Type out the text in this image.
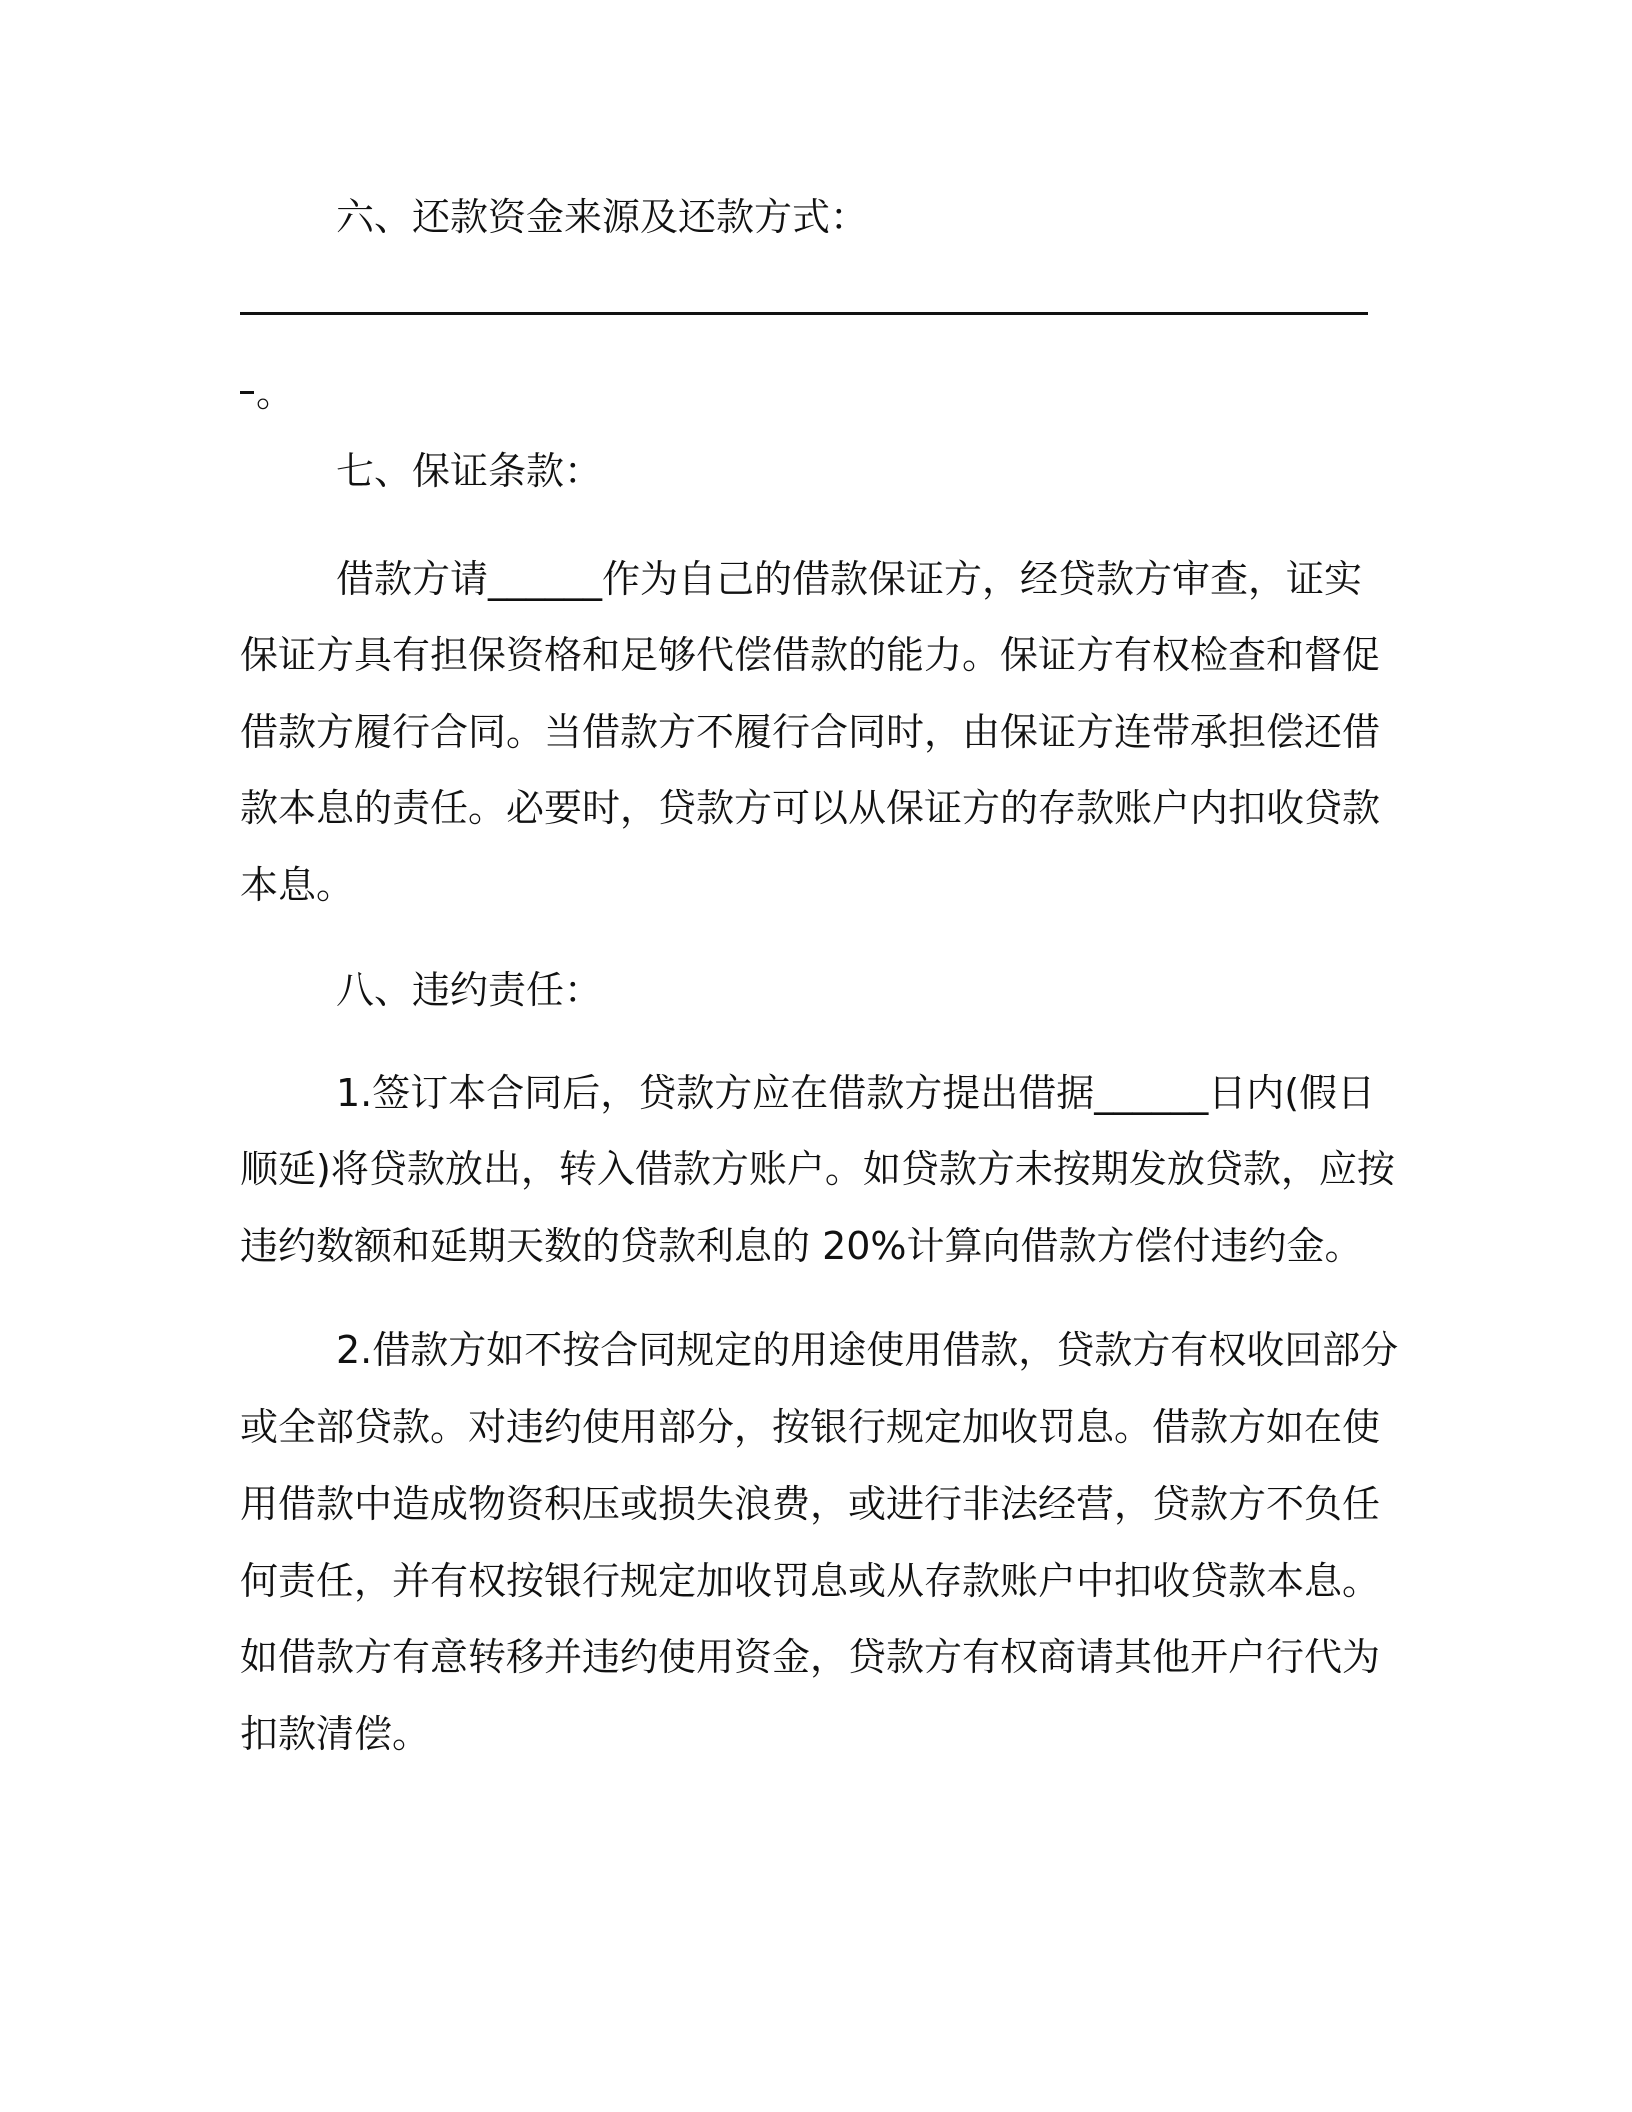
六、还款资金来源及还款方式：
。
七、保证条款：
借款方请______作为自己的借款保证方，经贷款方审查，证实
保证方具有担保资格和足够代偿借款的能力。保证方有权检查和督促
借款方履行合同。当借款方不履行合同时，由保证方连带承担偿还借
款本息的责任。必要时，贷款方可以从保证方的存款账户内扣收贷款
本息。
八、违约责任：
1.签订本合同后，贷款方应在借款方提出借据______日内(假日
顺延)将贷款放出，转入借款方账户。如贷款方未按期发放贷款，应按
违约数额和延期天数的贷款利息的 20%计算向借款方偿付违约金。
2.借款方如不按合同规定的用途使用借款，贷款方有权收回部分
或全部贷款。对违约使用部分，按银行规定加收罚息。借款方如在使
用借款中造成物资积压或损失浪费，或进行非法经营，贷款方不负任
何责任，并有权按银行规定加收罚息或从存款账户中扣收贷款本息。
如借款方有意转移并违约使用资金，贷款方有权商请其他开户行代为
扣款清偿。
